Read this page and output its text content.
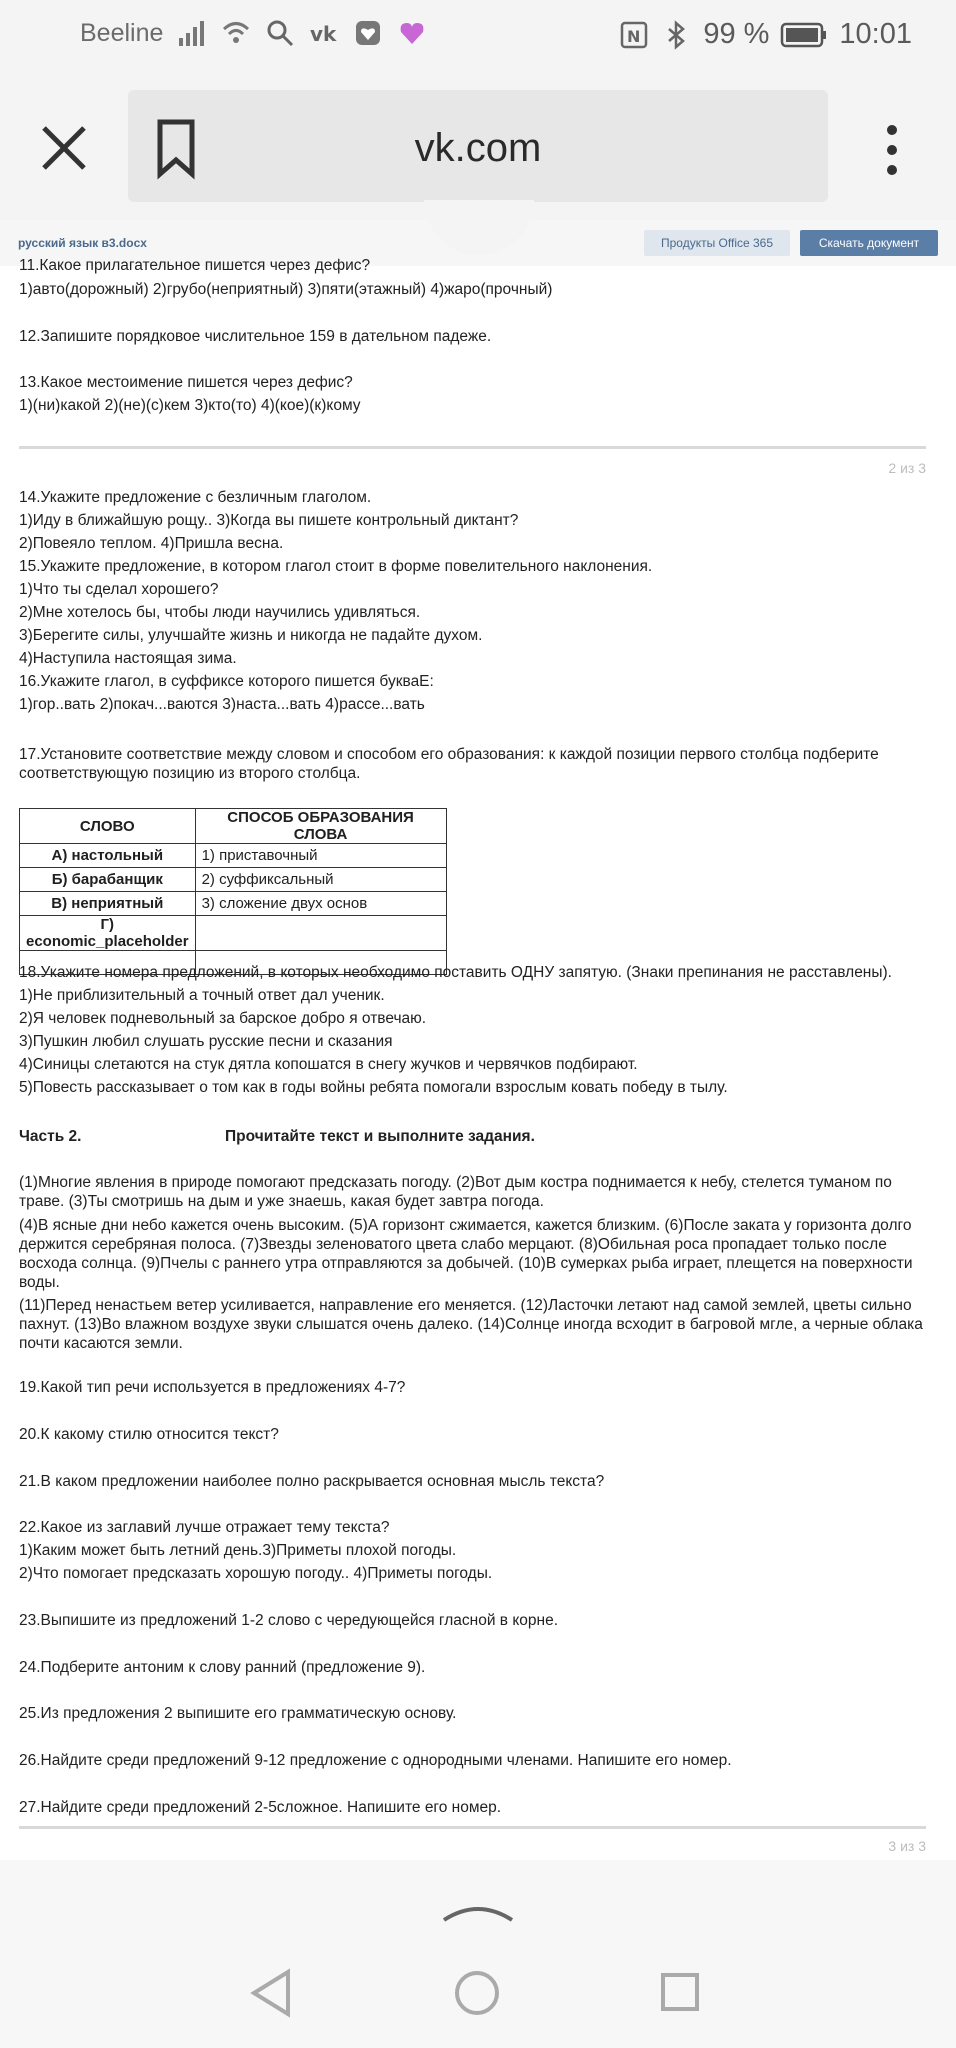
Beeline	vk	N 99 % 10:01
vk.com
русский язык в3.docx	Продукты Office 365	Скачать документ
11.Какое прилагательное пишется через дефис?
1)авто(дорожный) 2)грубо(неприятный) 3)пяти(этажный) 4)жаро(прочный)
12.Запишите порядковое числительное 159 в дательном падеже.
13.Какое местоимение пишется через дефис?
1)(ни)какой 2)(не)(с)кем 3)кто(то) 4)(кое)(к)кому
2 из 3
14.Укажите предложение с безличным глаголом.
1)Иду в ближайшую рощу.. 3)Когда вы пишете контрольный диктант?
2)Повеяло теплом. 4)Пришла весна.
15.Укажите предложение, в котором глагол стоит в форме повелительного наклонения.
1)Что ты сделал хорошего?
2)Мне хотелось бы, чтобы люди научились удивляться.
3)Берегите силы, улучшайте жизнь и никогда не падайте духом.
4)Наступила настоящая зима.
16.Укажите глагол, в суффиксе которого пишется букваЕ:
1)гор..вать 2)покач...ваются 3)наста...вать 4)рассе...вать
17.Установите соответствие между словом и способом его образования: к каждой позиции первого столбца подберите соответствующую позицию из второго столбца.
СЛОВО	СПОСОБ ОБРАЗОВАНИЯ СЛОВА
А) настольный	1) приставочный
Б) барабанщик	2) суффиксальный
В) неприятный	3) сложение двух основ
Г) economic_placeholder	

18.Укажите номера предложений, в которых необходимо поставить ОДНУ запятую. (Знаки препинания не расставлены).
1)Не приблизительный а точный ответ дал ученик.
2)Я человек подневольный за барское добро я отвечаю.
3)Пушкин любил слушать русские песни и сказания
4)Синицы слетаются на стук дятла копошатся в снегу жучков и червячков подбирают.
5)Повесть рассказывает о том как в годы войны ребята помогали взрослым ковать победу в тылу.
Часть 2.	Прочитайте текст и выполните задания.
(1)Многие явления в природе помогают предсказать погоду. (2)Вот дым костра поднимается к небу, стелется туманом по траве. (3)Ты смотришь на дым и уже знаешь, какая будет завтра погода.
(4)В ясные дни небо кажется очень высоким. (5)А горизонт сжимается, кажется близким. (6)После заката у горизонта долго держится серебряная полоса. (7)Звезды зеленоватого цвета слабо мерцают. (8)Обильная роса пропадает только после восхода солнца. (9)Пчелы с раннего утра отправляются за добычей. (10)В сумерках рыба играет, плещется на поверхности воды.
(11)Перед ненастьем ветер усиливается, направление его меняется. (12)Ласточки летают над самой землей, цветы сильно пахнут. (13)Во влажном воздухе звуки слышатся очень далеко. (14)Солнце иногда всходит в багровой мгле, а черные облака почти касаются земли.
19.Какой тип речи используется в предложениях 4-7?
20.К какому стилю относится текст?
21.В каком предложении наиболее полно раскрывается основная мысль текста?
22.Какое из заглавий лучше отражает тему текста?
1)Каким может быть летний день.3)Приметы плохой погоды.
2)Что помогает предсказать хорошую погоду.. 4)Приметы погоды.
23.Выпишите из предложений 1-2 слово с чередующейся гласной в корне.
24.Подберите антоним к слову ранний (предложение 9).
25.Из предложения 2 выпишите его грамматическую основу.
26.Найдите среди предложений 9-12 предложение с однородными членами. Напишите его номер.
27.Найдите среди предложений 2-5сложное. Напишите его номер.
3 из 3
